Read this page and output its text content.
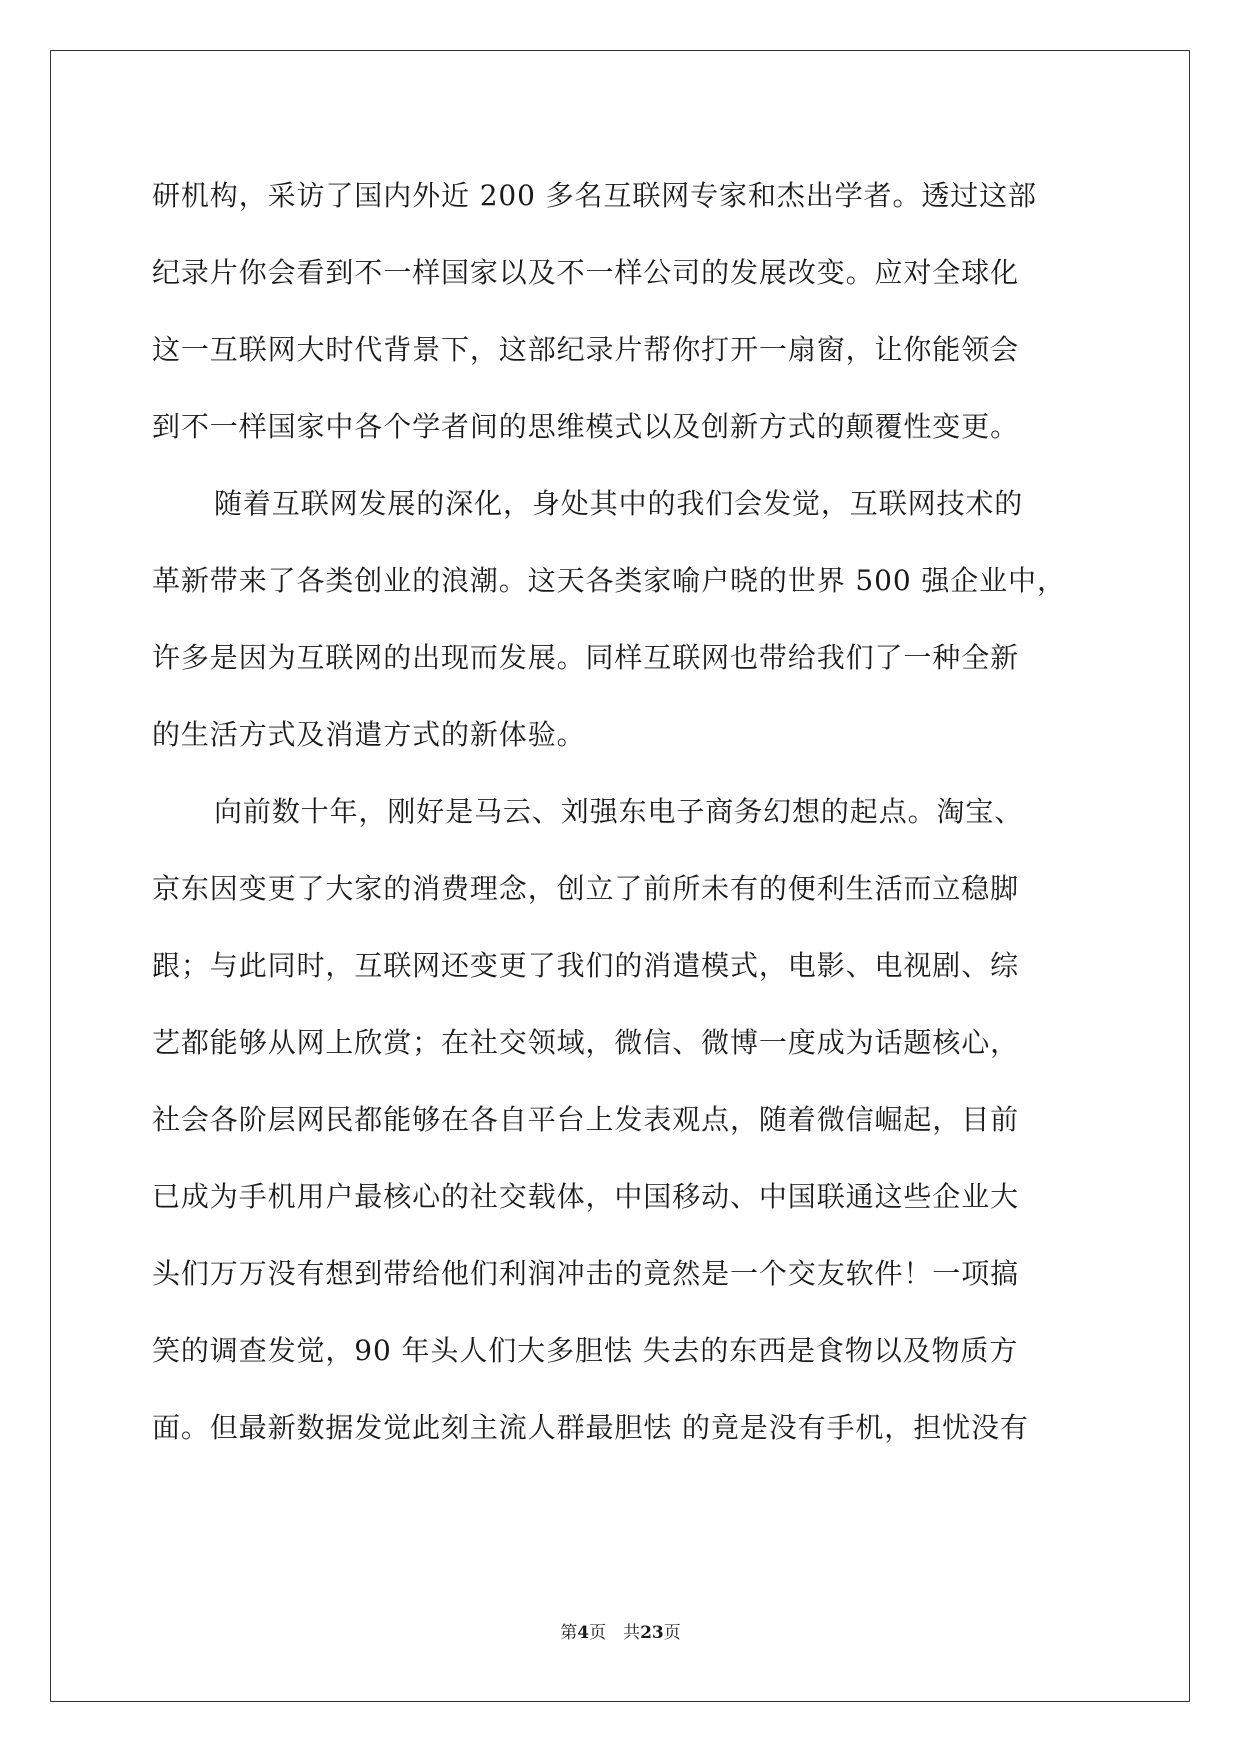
研机构，采访了国内外近 200 多名互联网专家和杰出学者。透过这部
纪录片你会看到不一样国家以及不一样公司的发展改变。应对全球化
这一互联网大时代背景下，这部纪录片帮你打开一扇窗，让你能领会
到不一样国家中各个学者间的思维模式以及创新方式的颠覆性变更。
随着互联网发展的深化，身处其中的我们会发觉，互联网技术的
革新带来了各类创业的浪潮。这天各类家喻户晓的世界 500 强企业中，
许多是因为互联网的出现而发展。同样互联网也带给我们了一种全新
的生活方式及消遣方式的新体验。
向前数十年，刚好是马云、刘强东电子商务幻想的起点。淘宝、
京东因变更了大家的消费理念，创立了前所未有的便利生活而立稳脚
跟；与此同时，互联网还变更了我们的消遣模式，电影、电视剧、综
艺都能够从网上欣赏；在社交领域，微信、微博一度成为话题核心，
社会各阶层网民都能够在各自平台上发表观点，随着微信崛起，目前
已成为手机用户最核心的社交载体，中国移动、中国联通这些企业大
头们万万没有想到带给他们利润冲击的竟然是一个交友软件！一项搞
笑的调查发觉，90 年头人们大多胆怯 失去的东西是食物以及物质方
面。但最新数据发觉此刻主流人群最胆怯 的竟是没有手机，担忧没有
第4页　共23页
